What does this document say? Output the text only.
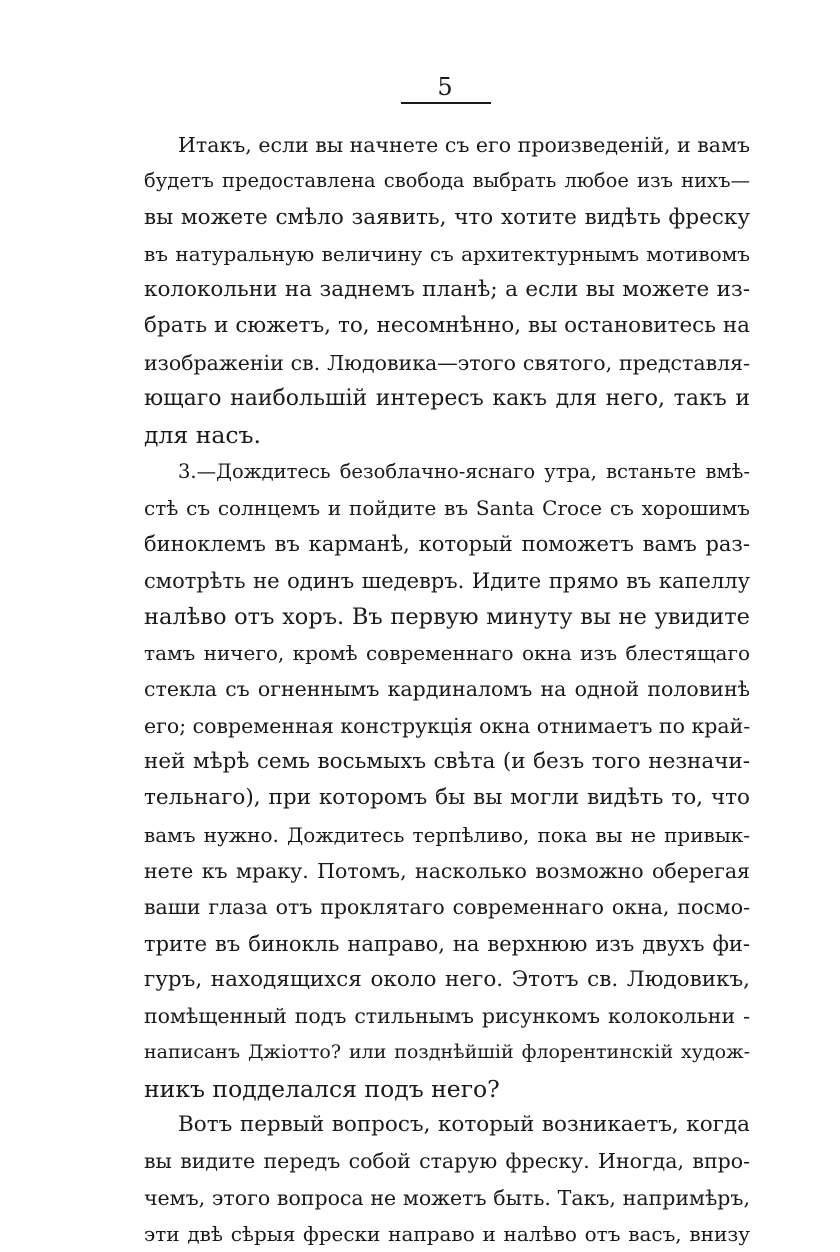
5
Итакъ, если вы начнете съ его произведеній, и вамъ
будетъ предоставлена свобода выбрать любое изъ нихъ—
вы можете смѣло заявить, что хотите видѣть фреску
въ натуральную величину съ архитектурнымъ мотивомъ
колокольни на заднемъ планѣ; а если вы можете из-
брать и сюжетъ, то, несомнѣнно, вы остановитесь на
изображеніи св. Людовика—этого святого, представля-
ющаго наибольшій интересъ какъ для него, такъ и
для насъ.
3.—Дождитесь безоблачно-яснаго утра, встаньте вмѣ-
стѣ съ солнцемъ и пойдите въ Santa Croce съ хорошимъ
биноклемъ въ карманѣ, который поможетъ вамъ раз-
смотрѣть не одинъ шедевръ. Идите прямо въ капеллу
налѣво отъ хоръ. Въ первую минуту вы не увидите
тамъ ничего, кромѣ современнаго окна изъ блестящаго
стекла съ огненнымъ кардиналомъ на одной половинѣ
его; современная конструкція окна отнимаетъ по край-
ней мѣрѣ семь восьмыхъ свѣта (и безъ того незначи-
тельнаго), при которомъ бы вы могли видѣть то, что
вамъ нужно. Дождитесь терпѣливо, пока вы не привык-
нете къ мраку. Потомъ, насколько возможно оберегая
ваши глаза отъ проклятаго современнаго окна, посмо-
трите въ бинокль направо, на верхнюю изъ двухъ фи-
гуръ, находящихся около него. Этотъ св. Людовикъ,
помѣщенный подъ стильнымъ рисункомъ колокольни -
написанъ Джіотто? или позднѣйшій флорентинскій худож-
никъ подделался подъ него?
Вотъ первый вопросъ, который возникаетъ, когда
вы видите передъ собой старую фреску. Иногда, впро-
чемъ, этого вопроса не можетъ быть. Такъ, напримѣръ,
эти двѣ сѣрыя фрески направо и налѣво отъ васъ, внизу
